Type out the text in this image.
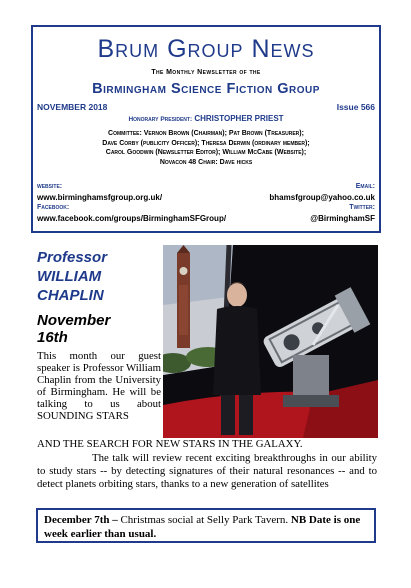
Brum Group News
The Monthly Newsletter of the
Birmingham Science Fiction Group
NOVEMBER 2018	Issue 566
Honorary President: CHRISTOPHER PRIEST
Committee: Vernon Brown (Chairman); Pat Brown (Treasurer);
Dave Corby (publicity Officer); Theresa Derwin (ordinary member);
Carol Goodwin (Newsletter Editor); William McCabe (Website);
Novacon 48 Chair: Dave hicks
website:	Email:
www.birminghamsfgroup.org.uk/	bhamsfgroup@yahoo.co.uk
Facebook:	Twitter:
www.facebook.com/groups/BirminghamSFGroup/	@BirminghamSF
Professor
WILLIAM
CHAPLIN
November
16th
This month our guest speaker is Professor William Chaplin from the University of Birmingham. He will be talking to us about SOUNDING STARS
AND THE SEARCH FOR NEW STARS IN THE GALAXY.
The talk will review recent exciting breakthroughs in our ability to study stars -- by detecting signatures of their natural resonances -- and to detect planets orbiting stars, thanks to a new generation of satellites
December 7th – Christmas social at Selly Park Tavern. NB Date is one week earlier than usual.
